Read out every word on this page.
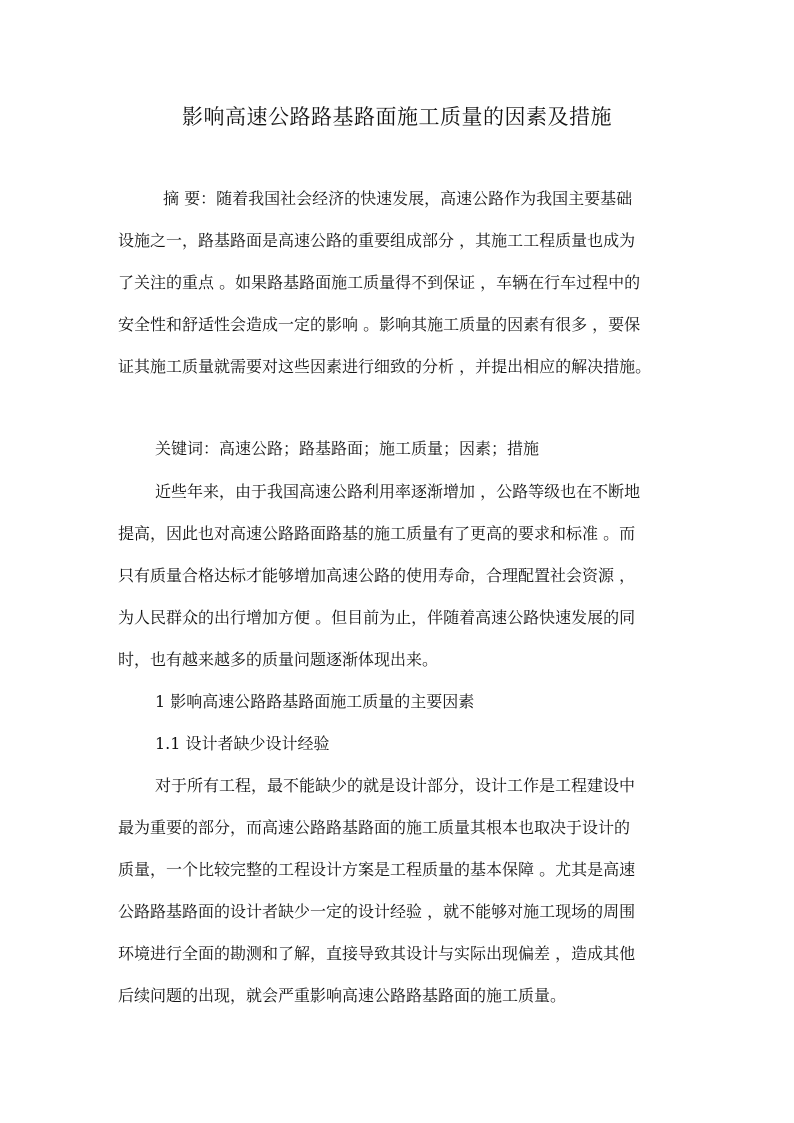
影响高速公路路基路面施工质量的因素及措施
摘 要：随着我国社会经济的快速发展，高速公路作为我国主要基础
设施之一，路基路面是高速公路的重要组成部分 ，其施工工程质量也成为
了关注的重点 。如果路基路面施工质量得不到保证 ，车辆在行车过程中的
安全性和舒适性会造成一定的影响 。影响其施工质量的因素有很多 ，要保
证其施工质量就需要对这些因素进行细致的分析 ，并提出相应的解决措施。
关键词：高速公路；路基路面；施工质量；因素；措施
近些年来，由于我国高速公路利用率逐渐增加 ，公路等级也在不断地
提高，因此也对高速公路路面路基的施工质量有了更高的要求和标准 。而
只有质量合格达标才能够增加高速公路的使用寿命，合理配置社会资源 ，
为人民群众的出行增加方便 。但目前为止，伴随着高速公路快速发展的同
时，也有越来越多的质量问题逐渐体现出来。
1 影响高速公路路基路面施工质量的主要因素
1.1 设计者缺少设计经验
对于所有工程，最不能缺少的就是设计部分，设计工作是工程建设中
最为重要的部分，而高速公路路基路面的施工质量其根本也取决于设计的
质量，一个比较完整的工程设计方案是工程质量的基本保障 。尤其是高速
公路路基路面的设计者缺少一定的设计经验 ，就不能够对施工现场的周围
环境进行全面的勘测和了解，直接导致其设计与实际出现偏差 ，造成其他
后续问题的出现，就会严重影响高速公路路基路面的施工质量。
